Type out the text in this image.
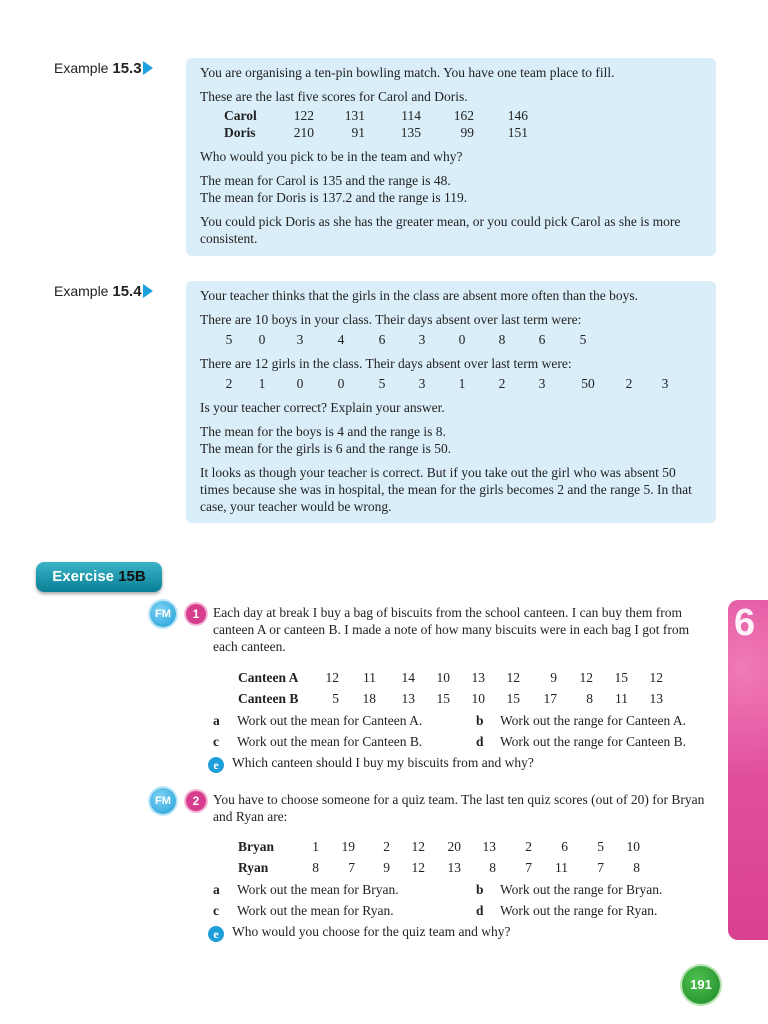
Example 15.3	You are organising a ten-pin bowling match. You have one team place to fill.

These are the last five scores for Carol and Doris.

Carol	122	131	114	162	146
Doris	210	91	135	99	151

Who would you pick to be in the team and why?

The mean for Carol is 135 and the range is 48.

The mean for Doris is 137.2 and the range is 119.

You could pick Doris as she has the greater mean, or you could pick Carol as she is more consistent.

Example 15.4	Your teacher thinks that the girls in the class are absent more often than the boys.

There are 10 boys in your class. Their days absent over last term were:

5	0	3	4	6	3	0	8	6	5

There are 12 girls in the class. Their days absent over last term were:

2	1	0	0	5	3	1	2	3	50	2	3

Is your teacher correct? Explain your answer.

The mean for the boys is 4 and the range is 8.

The mean for the girls is 6 and the range is 50.

It looks as though your teacher is correct. But if you take out the girl who was absent 50 times because she was in hospital, the mean for the girls becomes 2 and the range 5. In that case, your teacher would be wrong.

Exercise 15B
FM	1	Each day at break I buy a bag of biscuits from the school canteen. I can buy them from canteen A or canteen B. I made a note of how many biscuits were in each bag I got from each canteen.
Canteen A	12	11	14	10	13	12	9	12	15	12
Canteen B	5	18	13	15	10	15	17	8	11	13
a Work out the mean for Canteen A.	b Work out the range for Canteen A.
c Work out the mean for Canteen B.	d Work out the range for Canteen B.
e Which canteen should I buy my biscuits from and why?
FM	2	You have to choose someone for a quiz team. The last ten quiz scores (out of 20) for Bryan and Ryan are:
Bryan	1	19	2	12	20	13	2	6	5	10
Ryan	8	7	9	12	13	8	7	11	7	8
a Work out the mean for Bryan.	b Work out the range for Bryan.
c Work out the mean for Ryan.	d Work out the range for Ryan.
e Who would you choose for the quiz team and why?
6
191
